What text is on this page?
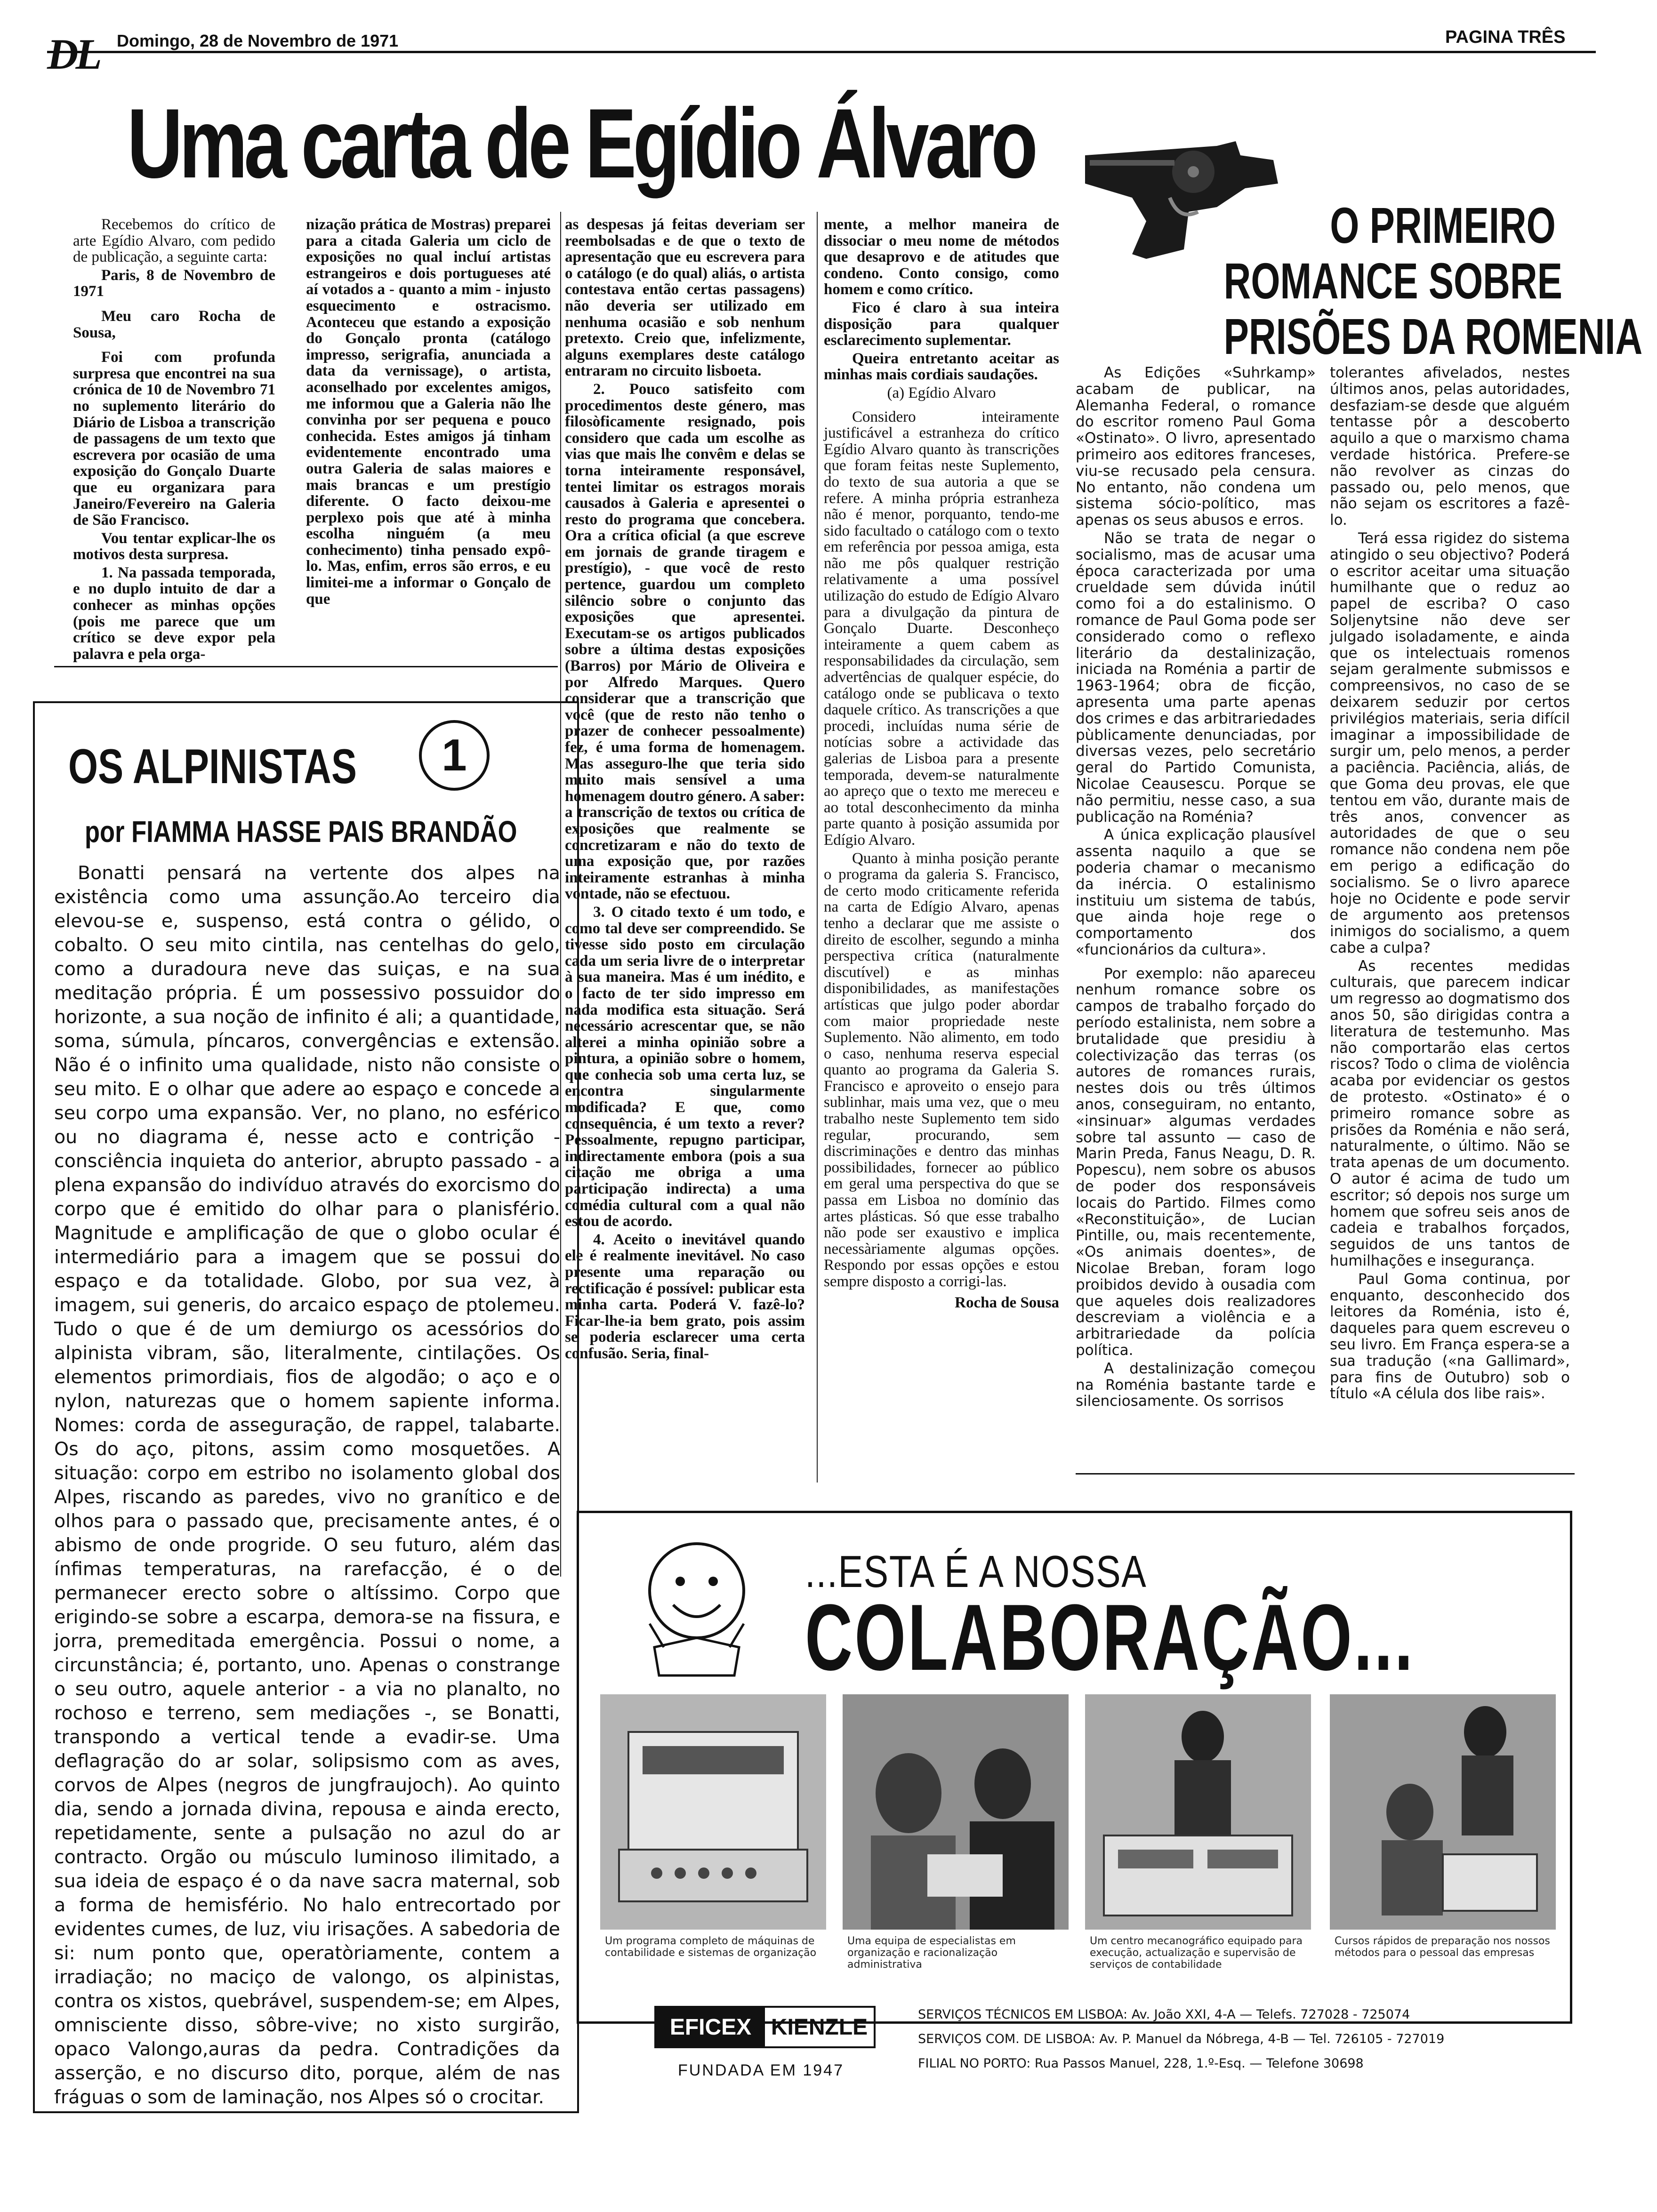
DL Domingo, 28 de Novembro de 1971	PAGINA TRÊS
Uma carta de Egídio Álvaro

Recebemos do crítico de arte Egídio Alvaro, com pedido de publicação, a seguinte carta:

Paris, 8 de Novembro de 1971

Meu caro Rocha de Sousa,

Foi com profunda surpresa que encontrei na sua crónica de 10 de Novembro 71 no suplemento literário do Diário de Lisboa a transcrição de passagens de um texto que escrevera por ocasião de uma exposição do Gonçalo Duarte que eu organizara para Janeiro/Fevereiro na Galeria de São Francisco.

Vou tentar explicar-lhe os motivos desta surpresa.

1. Na passada temporada, e no duplo intuito de dar a conhecer as minhas opções (pois me parece que um crítico se deve expor pela palavra e pela orga-

nização prática de Mostras) preparei para a citada Galeria um ciclo de exposições no qual incluí artistas estrangeiros e dois portugueses até aí votados a - quanto a mim - injusto esquecimento e ostracismo. Aconteceu que estando a exposição do Gonçalo pronta (catálogo impresso, serigrafia, anunciada a data da vernissage), o artista, aconselhado por excelentes amigos, me informou que a Galeria não lhe convinha por ser pequena e pouco conhecida. Estes amigos já tinham evidentemente encontrado uma outra Galeria de salas maiores e mais brancas e um prestígio diferente. O facto deixou-me perplexo pois que até à minha escolha ninguém (a meu conhecimento) tinha pensado expô-lo. Mas, enfim, erros são erros, e eu limitei-me a informar o Gonçalo de que

as despesas já feitas deveriam ser reembolsadas e de que o texto de apresentação que eu escrevera para o catálogo (e do qual) aliás, o artista contestava então certas passagens) não deveria ser utilizado em nenhuma ocasião e sob nenhum pretexto. Creio que, infelizmente, alguns exemplares deste catálogo entraram no circuito lisboeta.

2. Pouco satisfeito com procedimentos deste género, mas filosòficamente resignado, pois considero que cada um escolhe as vias que mais lhe convêm e delas se torna inteiramente responsável, tentei limitar os estragos morais causados à Galeria e apresentei o resto do programa que concebera. Ora a crítica oficial (a que escreve em jornais de grande tiragem e prestígio), - que você de resto pertence, guardou um completo silêncio sobre o conjunto das exposições que apresentei. Executam-se os artigos publicados sobre a última destas exposições (Barros) por Mário de Oliveira e por Alfredo Marques. Quero considerar que a transcrição que você (que de resto não tenho o prazer de conhecer pessoalmente) fez, é uma forma de homenagem. Mas asseguro-lhe que teria sido muito mais sensível a uma homenagem doutro género. A saber: a transcrição de textos ou crítica de exposições que realmente se concretizaram e não do texto de uma exposição que, por razões inteiramente estranhas à minha vontade, não se efectuou.

3. O citado texto é um todo, e como tal deve ser compreendido. Se tivesse sido posto em circulação cada um seria livre de o interpretar à sua maneira. Mas é um inédito, e o facto de ter sido impresso em nada modifica esta situação. Será necessário acrescentar que, se não alterei a minha opinião sobre a pintura, a opinião sobre o homem, que conhecia sob uma certa luz, se encontra singularmente modificada? E que, como consequência, é um texto a rever? Pessoalmente, repugno participar, indirectamente embora (pois a sua citação me obriga a uma participação indirecta) a uma comédia cultural com a qual não estou de acordo.

4. Aceito o inevitável quando ele é realmente inevitável. No caso presente uma reparação ou rectificação é possível: publicar esta minha carta. Poderá V. fazê-lo? Ficar-lhe-ia bem grato, pois assim se poderia esclarecer uma certa confusão. Seria, final-

mente, a melhor maneira de dissociar o meu nome de métodos que desaprovo e de atitudes que condeno. Conto consigo, como homem e como crítico.

Fico é claro à sua inteira disposição para qualquer esclarecimento suplementar.

Queira entretanto aceitar as minhas mais cordiais saudações.

(a) Egídio Alvaro

Considero inteiramente justificável a estranheza do crítico Egídio Alvaro quanto às transcrições que foram feitas neste Suplemento, do texto de sua autoria a que se refere. A minha própria estranheza não é menor, porquanto, tendo-me sido facultado o catálogo com o texto em referência por pessoa amiga, esta não me pôs qualquer restrição relativamente a uma possível utilização do estudo de Edígio Alvaro para a divulgação da pintura de Gonçalo Duarte. Desconheço inteiramente a quem cabem as responsabilidades da circulação, sem advertências de qualquer espécie, do catálogo onde se publicava o texto daquele crítico. As transcrições a que procedi, incluídas numa série de notícias sobre a actividade das galerias de Lisboa para a presente temporada, devem-se naturalmente ao apreço que o texto me mereceu e ao total desconhecimento da minha parte quanto à posição assumida por Edígio Alvaro.

Quanto à minha posição perante o programa da galeria S. Francisco, de certo modo criticamente referida na carta de Edígio Alvaro, apenas tenho a declarar que me assiste o direito de escolher, segundo a minha perspectiva crítica (naturalmente discutível) e as minhas disponibilidades, as manifestações artísticas que julgo poder abordar com maior propriedade neste Suplemento. Não alimento, em todo o caso, nenhuma reserva especial quanto ao programa da Galeria S. Francisco e aproveito o ensejo para sublinhar, mais uma vez, que o meu trabalho neste Suplemento tem sido regular, procurando, sem discriminações e dentro das minhas possibilidades, fornecer ao público em geral uma perspectiva do que se passa em Lisboa no domínio das artes plásticas. Só que esse trabalho não pode ser exaustivo e implica necessàriamente algumas opções. Respondo por essas opções e estou sempre disposto a corrigi-las.

Rocha de Sousa

OS ALPINISTAS	1
por FIAMMA HASSE PAIS BRANDÃO

Bonatti pensará na vertente dos alpes na existência como uma assunção.Ao terceiro dia elevou-se e, suspenso, está contra o gélido, o cobalto. O seu mito cintila, nas centelhas do gelo, como a duradoura neve das suiças, e na sua meditação própria. É um possessivo possuidor do horizonte, a sua noção de infinito é ali; a quantidade, soma, súmula, píncaros, convergências e extensão. Não é o infinito uma qualidade, nisto não consiste o seu mito. E o olhar que adere ao espaço e concede a seu corpo uma expansão. Ver, no plano, no esférico ou no diagrama é, nesse acto e contrição - consciência inquieta do anterior, abrupto passado - a plena expansão do indivíduo através do exorcismo do corpo que é emitido do olhar para o planisfério. Magnitude e amplificação de que o globo ocular é intermediário para a imagem que se possui do espaço e da totalidade. Globo, por sua vez, à imagem, sui generis, do arcaico espaço de ptolemeu. Tudo o que é de um demiurgo os acessórios do alpinista vibram, são, literalmente, cintilações. Os elementos primordiais, fios de algodão; o aço e o nylon, naturezas que o homem sapiente informa. Nomes: corda de asseguração, de rappel, talabarte. Os do aço, pitons, assim como mosquetões. A situação: corpo em estribo no isolamento global dos Alpes, riscando as paredes, vivo no granítico e de olhos para o passado que, precisamente antes, é o abismo de onde progride. O seu futuro, além das ínfimas temperaturas, na rarefacção, é o de permanecer erecto sobre o altíssimo. Corpo que erigindo-se sobre a escarpa, demora-se na fissura, e jorra, premeditada emergência. Possui o nome, a circunstância; é, portanto, uno. Apenas o constrange o seu outro, aquele anterior - a via no planalto, no rochoso e terreno, sem mediações -, se Bonatti, transpondo a vertical tende a evadir-se. Uma deflagração do ar solar, solipsismo com as aves, corvos de Alpes (negros de jungfraujoch). Ao quinto dia, sendo a jornada divina, repousa e ainda erecto, repetidamente, sente a pulsação no azul do ar contracto. Orgão ou músculo luminoso ilimitado, a sua ideia de espaço é o da nave sacra maternal, sob a forma de hemisfério. No halo entrecortado por evidentes cumes, de luz, viu irisações. A sabedoria de si: num ponto que, operatòriamente, contem a irradiação; no maciço de valongo, os alpinistas, contra os xistos, quebrável, suspendem-se; em Alpes, omnisciente disso, sôbre-vive; no xisto surgirão, opaco Valongo,auras da pedra. Contradições da asserção, e no discurso dito, porque, além de nas fráguas o som de laminação, nos Alpes só o crocitar.

O PRIMEIRO
ROMANCE SOBRE
PRISÕES DA ROMENIA

As Edições «Suhrkamp» acabam de publicar, na Alemanha Federal, o romance do escritor romeno Paul Goma «Ostinato». O livro, apresentado primeiro aos editores franceses, viu-se recusado pela censura. No entanto, não condena um sistema sócio-político, mas apenas os seus abusos e erros.

Não se trata de negar o socialismo, mas de acusar uma época caracterizada por uma crueldade sem dúvida inútil como foi a do estalinismo. O romance de Paul Goma pode ser considerado como o reflexo literário da destalinização, iniciada na Roménia a partir de 1963-1964; obra de ficção, apresenta uma parte apenas dos crimes e das arbitrariedades pùblicamente denunciadas, por diversas vezes, pelo secretário geral do Partido Comunista, Nicolae Ceausescu. Porque se não permitiu, nesse caso, a sua publicação na Roménia?

A única explicação plausível assenta naquilo a que se poderia chamar o mecanismo da inércia. O estalinismo instituiu um sistema de tabús, que ainda hoje rege o comportamento dos «funcionários da cultura».

Por exemplo: não apareceu nenhum romance sobre os campos de trabalho forçado do período estalinista, nem sobre a brutalidade que presidiu à colectivização das terras (os autores de romances rurais, nestes dois ou três últimos anos, conseguiram, no entanto, «insinuar» algumas verdades sobre tal assunto — caso de Marin Preda, Fanus Neagu, D. R. Popescu), nem sobre os abusos de poder dos responsáveis locais do Partido. Filmes como «Reconstituição», de Lucian Pintille, ou, mais recentemente, «Os animais doentes», de Nicolae Breban, foram logo proibidos devido à ousadia com que aqueles dois realizadores descreviam a violência e a arbitrariedade da polícia política.

A destalinização começou na Roménia bastante tarde e silenciosamente. Os sorrisos

tolerantes afivelados, nestes últimos anos, pelas autoridades, desfaziam-se desde que alguém tentasse pôr a descoberto aquilo a que o marxismo chama verdade histórica. Prefere-se não revolver as cinzas do passado ou, pelo menos, que não sejam os escritores a fazê-lo.

Terá essa rigidez do sistema atingido o seu objectivo? Poderá o escritor aceitar uma situação humilhante que o reduz ao papel de escriba? O caso Soljenytsine não deve ser julgado isoladamente, e ainda que os intelectuais romenos sejam geralmente submissos e compreensivos, no caso de se deixarem seduzir por certos privilégios materiais, seria difícil imaginar a impossibilidade de surgir um, pelo menos, a perder a paciência. Paciência, aliás, de que Goma deu provas, ele que tentou em vão, durante mais de três anos, convencer as autoridades de que o seu romance não condena nem põe em perigo a edificação do socialismo. Se o livro aparece hoje no Ocidente e pode servir de argumento aos pretensos inimigos do socialismo, a quem cabe a culpa?

As recentes medidas culturais, que parecem indicar um regresso ao dogmatismo dos anos 50, são dirigidas contra a literatura de testemunho. Mas não comportarão elas certos riscos? Todo o clima de violência acaba por evidenciar os gestos de protesto. «Ostinato» é o primeiro romance sobre as prisões da Roménia e não será, naturalmente, o último. Não se trata apenas de um documento. O autor é acima de tudo um escritor; só depois nos surge um homem que sofreu seis anos de cadeia e trabalhos forçados, seguidos de uns tantos de humilhações e insegurança.

Paul Goma continua, por enquanto, desconhecido dos leitores da Roménia, isto é, daqueles para quem escreveu o seu livro. Em França espera-se a sua tradução («na Gallimard», para fins de Outubro) sob o título «A célula dos libe rais».

...ESTA É A NOSSA
COLABORAÇÃO...
Um programa completo de máquinas de contabilidade e sistemas de organização
Uma equipa de especialistas em organização e racionalização administrativa
Um centro mecanográfico equipado para execução, actualização e supervisão de serviços de contabilidade
Cursos rápidos de preparação nos nossos métodos para o pessoal das empresas
EFICEX KIENZLE
FUNDADA EM 1947
SERVIÇOS TÉCNICOS EM LISBOA: Av. João XXI, 4-A — Telefs. 727028 - 725074
SERVIÇOS COM. DE LISBOA: Av. P. Manuel da Nóbrega, 4-B — Tel. 726105 - 727019
FILIAL NO PORTO: Rua Passos Manuel, 228, 1.º-Esq. — Telefone 30698
